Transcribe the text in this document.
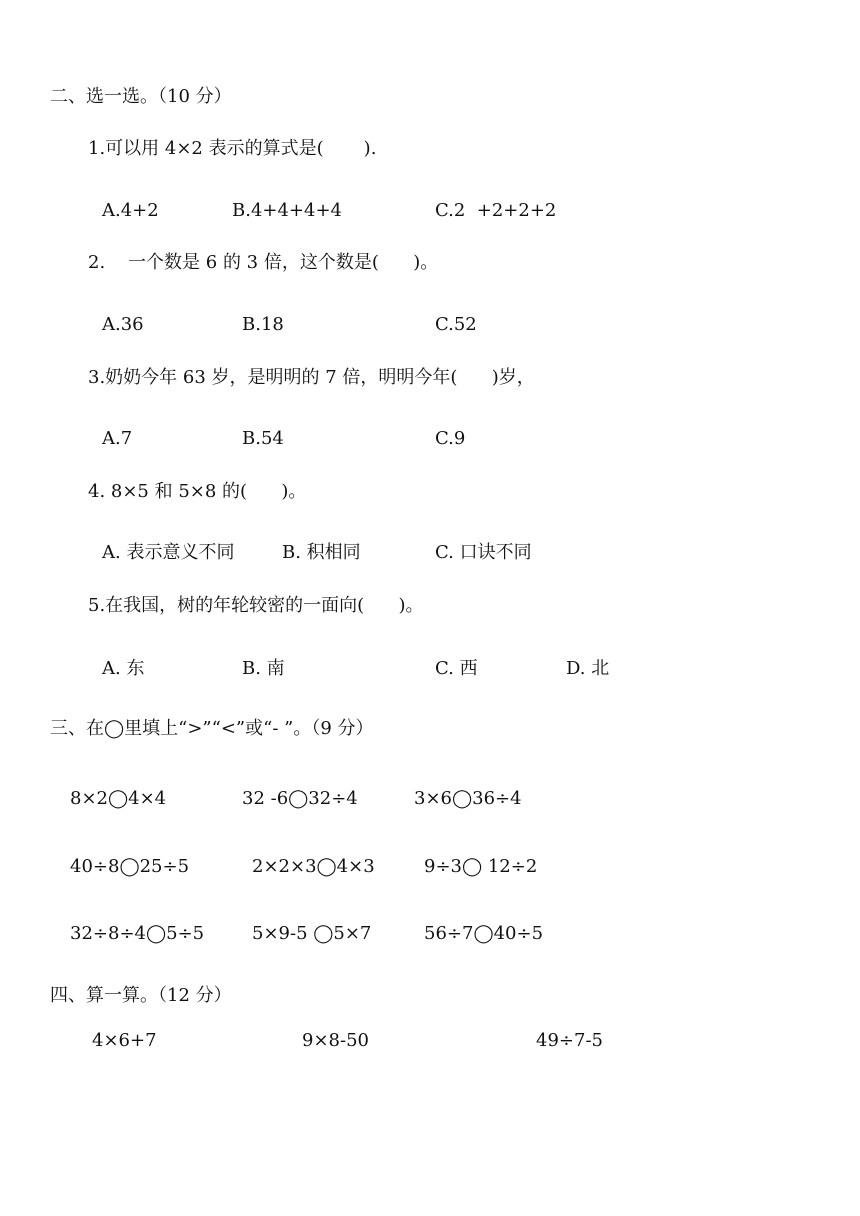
二、选一选。（10 分）
1.可以用 4×2 表示的算式是(       ).
A.4+2	B.4+4+4+4	C.2  +2+2+2
2.    一个数是 6 的 3 倍，这个数是(      )。
A.36	B.18	C.52
3.奶奶今年 63 岁，是明明的 7 倍，明明今年(      )岁，
A.7	B.54	C.9
4. 8×5 和 5×8 的(      )。
A. 表示意义不同	B. 积相同	C. 口诀不同
5.在我国，树的年轮较密的一面向(      )。
A. 东	B. 南	C. 西	D. 北
三、在◯里填上“>”“<”或“- ”。（9 分）
8×2◯4×4	32 -6◯32÷4	3×6◯36÷4
40÷8◯25÷5	2×2×3◯4×3	9÷3◯ 12÷2
32÷8÷4◯5÷5	5×9-5 ◯5×7	56÷7◯40÷5
四、算一算。（12 分）
4×6+7	9×8-50	49÷7-5
